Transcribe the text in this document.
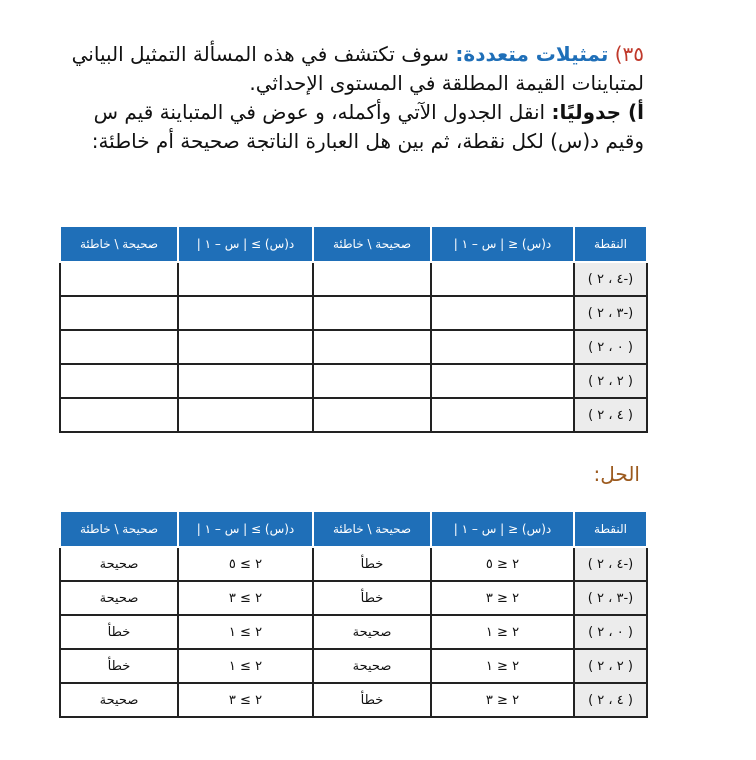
٣٥) تمثيلات متعددة: سوف تكتشف في هذه المسألة التمثيل البياني لمتباينات القيمة المطلقة في المستوى الإحداثي.

أ) جدوليًا: انقل الجدول الآتي وأكمله، و عوض في المتباينة قيم س وقيم د(س) لكل نقطة، ثم بين هل العبارة الناتجة صحيحة أم خاطئة:

النقطة	د(س) ≤ | س – ١ |	صحيحة \ خاطئة	د(س) ≥ | س – ١ |	صحيحة \ خاطئة
(-٤ ، ٢ )				
(-٣ ، ٢ )				
( ٠ ، ٢ )				
( ٢ ، ٢ )				
( ٤ ، ٢ )				
الحل:
النقطة	د(س) ≤ | س – ١ |	صحيحة \ خاطئة	د(س) ≥ | س – ١ |	صحيحة \ خاطئة
(-٤ ، ٢ )	٢ ≤ ٥	خطأ	٢ ≥ ٥	صحيحة
(-٣ ، ٢ )	٢ ≤ ٣	خطأ	٢ ≥ ٣	صحيحة
( ٠ ، ٢ )	٢ ≤ ١	صحيحة	٢ ≥ ١	خطأ
( ٢ ، ٢ )	٢ ≤ ١	صحيحة	٢ ≥ ١	خطأ
( ٤ ، ٢ )	٢ ≤ ٣	خطأ	٢ ≥ ٣	صحيحة
